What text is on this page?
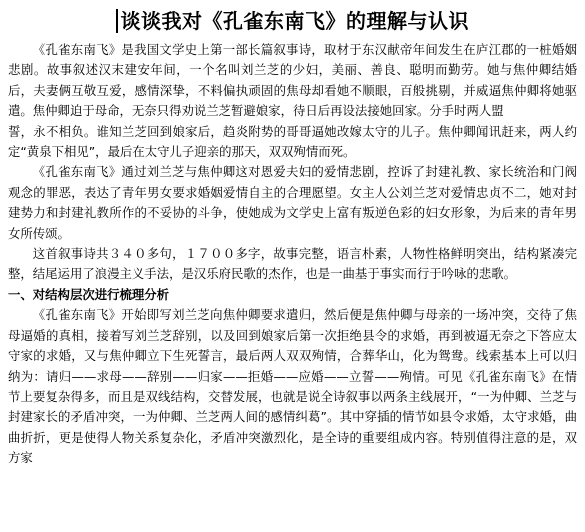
谈谈我对《孔雀东南飞》的理解与认识

《孔雀东南飞》是我国文学史上第一部长篇叙事诗，取材于东汉献帝年间发生在庐江郡的一桩婚姻悲剧。故事叙述汉末建安年间，一个名叫刘兰芝的少妇，美丽、善良、聪明而勤劳。她与焦仲卿结婚后，夫妻俩互敬互爱，感情深挚，不料偏执顽固的焦母却看她不顺眼，百般挑剔，并威逼焦仲卿将她驱遣。焦仲卿迫于母命，无奈只得劝说兰芝暂避娘家，待日后再设法接她回家。分手时两人盟

誓，永不相负。谁知兰芝回到娘家后，趋炎附势的哥哥逼她改嫁太守的儿子。焦仲卿闻讯赶来，两人约定“黄泉下相见”，最后在太守儿子迎亲的那天，双双殉情而死。

《孔雀东南飞》通过刘兰芝与焦仲卿这对恩爱夫妇的爱情悲剧，控诉了封建礼教、家长统治和门阀观念的罪恶，表达了青年男女要求婚姻爱情自主的合理愿望。女主人公刘兰芝对爱情忠贞不二，她对封建势力和封建礼教所作的不妥协的斗争，使她成为文学史上富有叛逆色彩的妇女形象，为后来的青年男女所传颂。

这首叙事诗共３４０多句，１７００多字，故事完整，语言朴素，人物性格鲜明突出，结构紧凑完整，结尾运用了浪漫主义手法，是汉乐府民歌的杰作，也是一曲基于事实而行于吟咏的悲歌。

一、对结构层次进行梳理分析

《孔雀东南飞》开始即写刘兰芝向焦仲卿要求遣归，然后便是焦仲卿与母亲的一场冲突，交待了焦母逼婚的真相，接着写刘兰芝辞别，以及回到娘家后第一次拒绝县令的求婚，再到被逼无奈之下答应太守家的求婚，又与焦仲卿立下生死誓言，最后两人双双殉情，合葬华山，化为鸳鸯。线索基本上可以归纳为：请归——求母——辞别——归家——拒婚——应婚——立誓——殉情。可见《孔雀东南飞》在情节上要复杂得多，而且是双线结构，交替发展，也就是说全诗叙事以两条主线展开，“一为仲卿、兰芝与封建家长的矛盾冲突，一为仲卿、兰芝两人间的感情纠葛”。其中穿插的情节如县令求婚，太守求婚，曲曲折折，更是使得人物关系复杂化，矛盾冲突激烈化，是全诗的重要组成内容。特别值得注意的是，双方家
